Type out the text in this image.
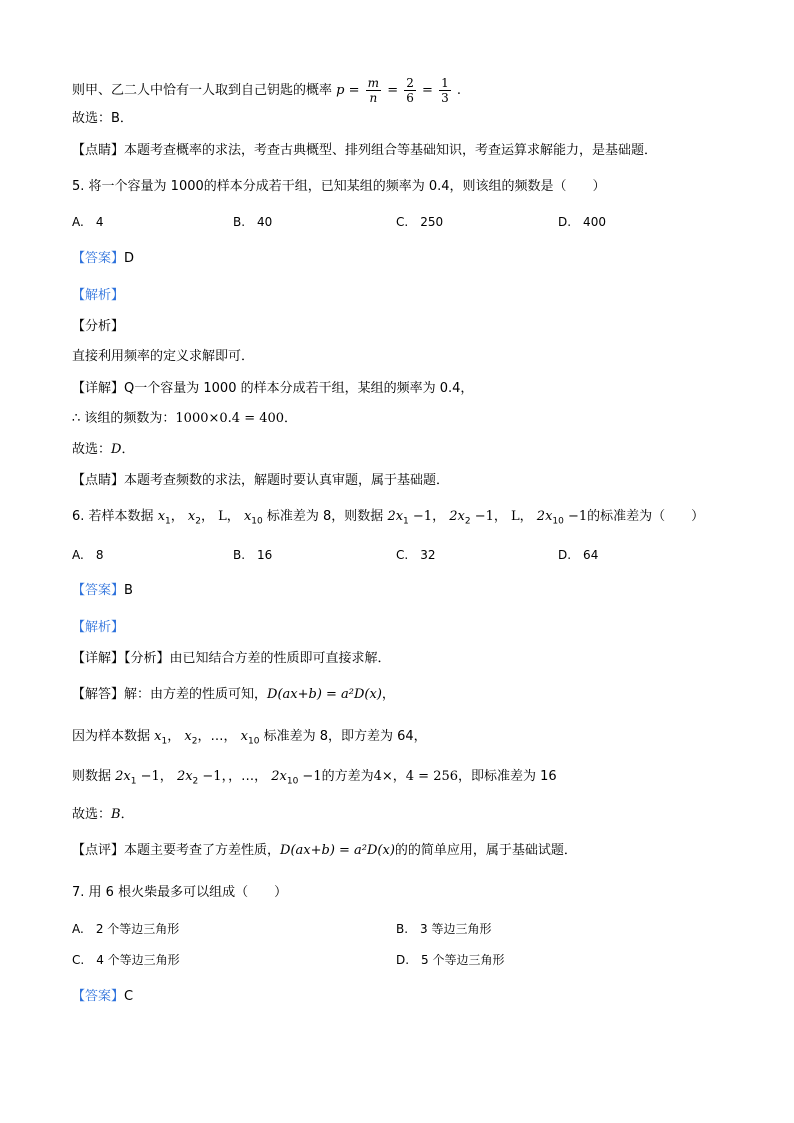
则甲、乙二人中恰有一人取到自己钥匙的概率 $p = \frac{m}{n} = \frac{2}{6} = \frac{1}{3}$ .
故选：B．
【点睛】本题考查概率的求法，考查古典概型、排列组合等基础知识，考查运算求解能力，是基础题．
5. 将一个容量为 1000的样本分成若干组，已知某组的频率为 0.4，则该组的频数是（　　）
A.　4	B.　40	C.　250	D.　400
【答案】D
【解析】
【分析】
直接利用频率的定义求解即可．
【详解】Q一个容量为 1000 的样本分成若干组，某组的频率为 0.4，
∴ 该组的频数为：1000×0.4 = 400．
故选：D．
【点睛】本题考查频数的求法，解题时要认真审题，属于基础题．
6. 若样本数据 $x_1$， $x_2$， L， $x_{10}$ 标准差为 8，则数据 $2x_1 -1$， $2x_2 -1$， L， $2x_{10} -1$的标准差为（　　）
A.　8	B.　16	C.　32	D.　64
【答案】B
【解析】
【详解】【分析】由已知结合方差的性质即可直接求解．
【解答】解：由方差的性质可知，D(ax+b) = a²D(x)，
因为样本数据 $x_1$， $x_2$，…， $x_{10}$ 标准差为 8，即方差为 64，
则数据 $2x_1 -1$， $2x_2 -1$，，…， $2x_{10} -1$的方差为4×，4 = 256，即标准差为 16
故选：B．
【点评】本题主要考查了方差性质，D(ax+b) = a²D(x)的的简单应用，属于基础试题．
7. 用 6 根火柴最多可以组成（　　）
A.　2 个等边三角形	B.　3 等边三角形
C.　4 个等边三角形	D.　5 个等边三角形
【答案】C
